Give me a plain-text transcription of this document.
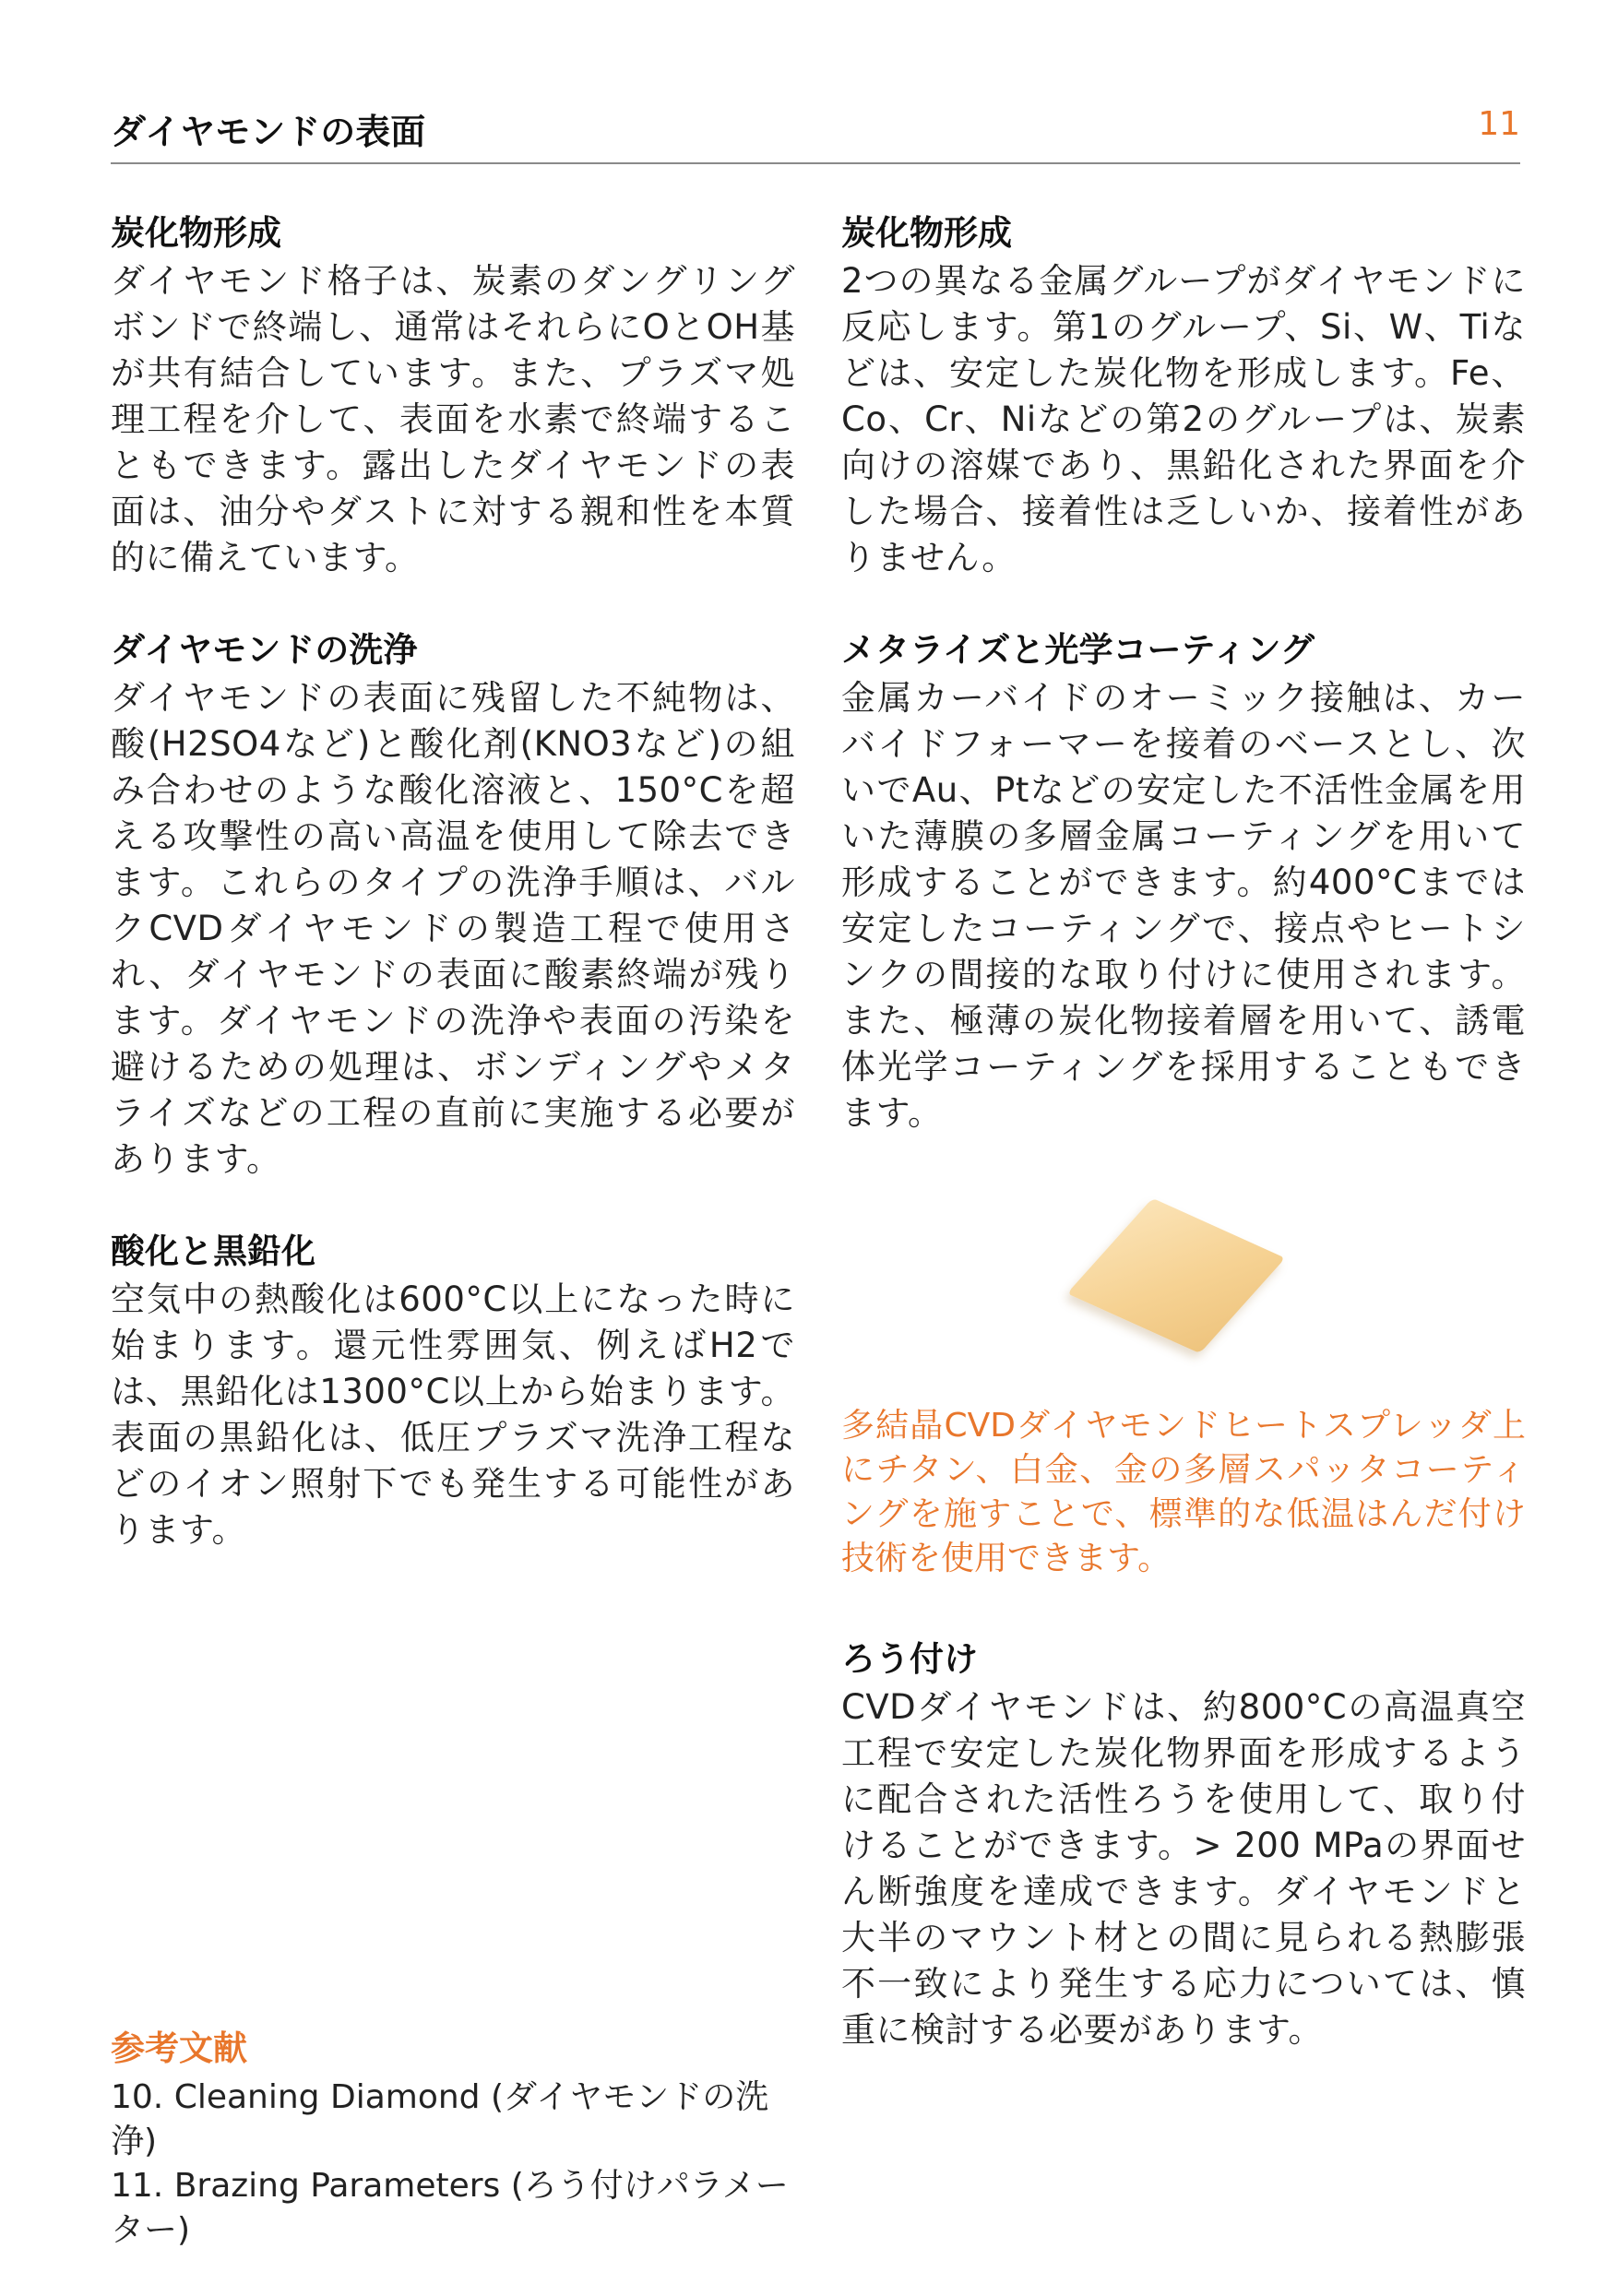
ダイヤモンドの表面	11
炭化物形成

ダイヤモンド格子は、炭素のダングリングボンドで終端し、通常はそれらにOとOH基が共有結合しています。また、プラズマ処理工程を介して、表面を水素で終端することもできます。露出したダイヤモンドの表面は、油分やダストに対する親和性を本質的に備えています。

ダイヤモンドの洗浄

ダイヤモンドの表面に残留した不純物は、酸(H2SO4など)と酸化剤(KNO3など)の組み合わせのような酸化溶液と、150°Cを超える攻撃性の高い高温を使用して除去できます。これらのタイプの洗浄手順は、バルクCVDダイヤモンドの製造工程で使用され、ダイヤモンドの表面に酸素終端が残ります。ダイヤモンドの洗浄や表面の汚染を避けるための処理は、ボンディングやメタライズなどの工程の直前に実施する必要があります。

酸化と黒鉛化

空気中の熱酸化は600°C以上になった時に始まります。還元性雰囲気、例えばH2では、黒鉛化は1300°C以上から始まります。表面の黒鉛化は、低圧プラズマ洗浄工程などのイオン照射下でも発生する可能性があります。

炭化物形成

2つの異なる金属グループがダイヤモンドに反応します。第1のグループ、Si、W、Tiなどは、安定した炭化物を形成します。Fe、Co、Cr、Niなどの第2のグループは、炭素向けの溶媒であり、黒鉛化された界面を介した場合、接着性は乏しいか、接着性がありません。

メタライズと光学コーティング

金属カーバイドのオーミック接触は、カーバイドフォーマーを接着のベースとし、次いでAu、Ptなどの安定した不活性金属を用いた薄膜の多層金属コーティングを用いて形成することができます。約400°Cまでは安定したコーティングで、接点やヒートシンクの間接的な取り付けに使用されます。また、極薄の炭化物接着層を用いて、誘電体光学コーティングを採用することもできます。

多結晶CVDダイヤモンドヒートスプレッダ上にチタン、白金、金の多層スパッタコーティングを施すことで、標準的な低温はんだ付け技術を使用できます。

ろう付け

CVDダイヤモンドは、約800°Cの高温真空工程で安定した炭化物界面を形成するように配合された活性ろうを使用して、取り付けることができます。> 200 MPaの界面せん断強度を達成できます。ダイヤモンドと大半のマウント材との間に見られる熱膨張不一致により発生する応力については、慎重に検討する必要があります。

参考文献

10. Cleaning Diamond (ダイヤモンドの洗浄)

11. Brazing Parameters (ろう付けパラメーター)
